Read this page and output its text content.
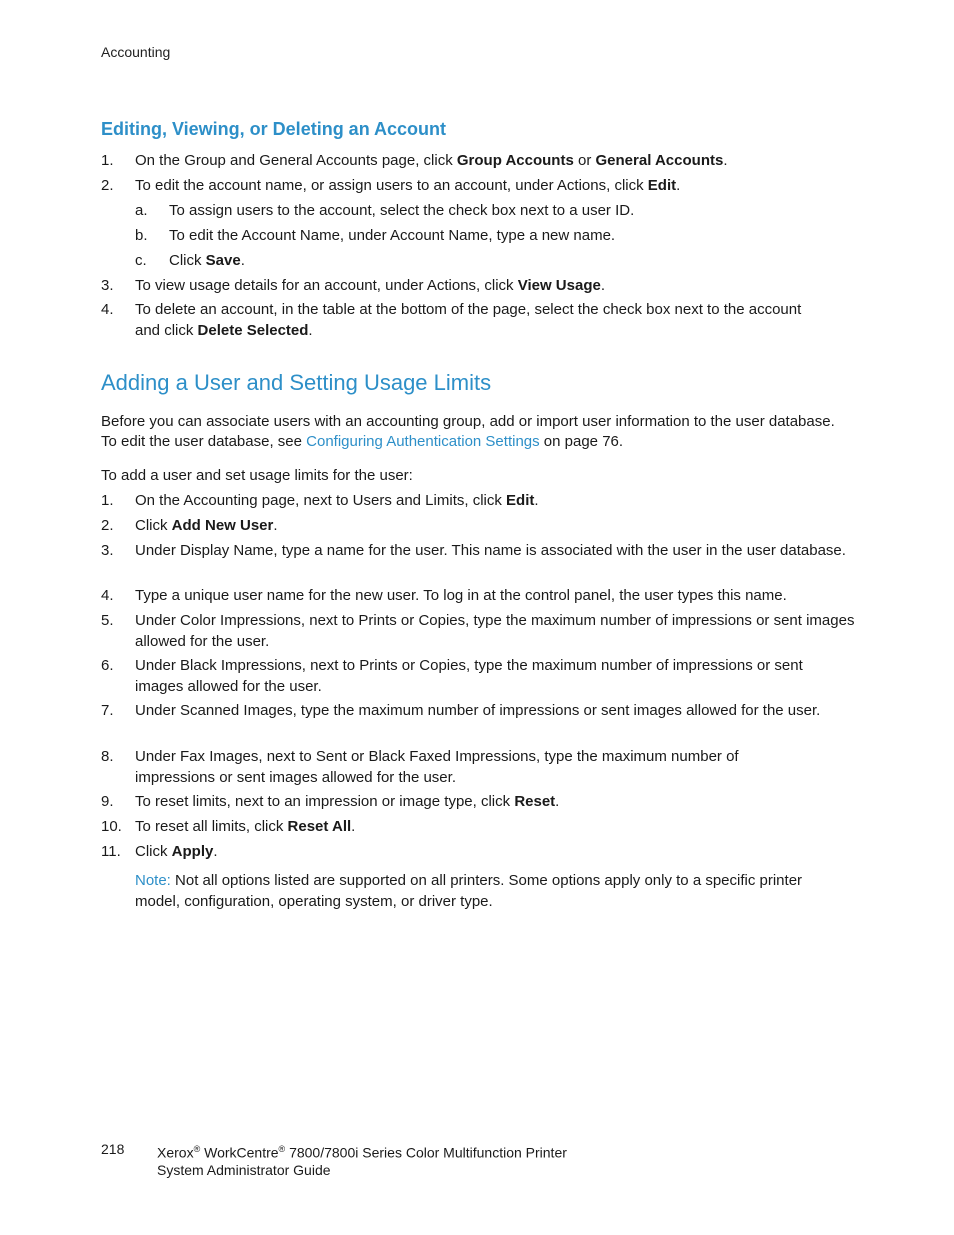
Accounting
Editing, Viewing, or Deleting an Account
1. On the Group and General Accounts page, click Group Accounts or General Accounts.
2. To edit the account name, or assign users to an account, under Actions, click Edit.
a. To assign users to the account, select the check box next to a user ID.
b. To edit the Account Name, under Account Name, type a new name.
c. Click Save.
3. To view usage details for an account, under Actions, click View Usage.
4. To delete an account, in the table at the bottom of the page, select the check box next to the account and click Delete Selected.
Adding a User and Setting Usage Limits
Before you can associate users with an accounting group, add or import user information to the user database. To edit the user database, see Configuring Authentication Settings on page 76.
To add a user and set usage limits for the user:
1. On the Accounting page, next to Users and Limits, click Edit.
2. Click Add New User.
3. Under Display Name, type a name for the user. This name is associated with the user in the user database.
4. Type a unique user name for the new user. To log in at the control panel, the user types this name.
5. Under Color Impressions, next to Prints or Copies, type the maximum number of impressions or sent images allowed for the user.
6. Under Black Impressions, next to Prints or Copies, type the maximum number of impressions or sent images allowed for the user.
7. Under Scanned Images, type the maximum number of impressions or sent images allowed for the user.
8. Under Fax Images, next to Sent or Black Faxed Impressions, type the maximum number of impressions or sent images allowed for the user.
9. To reset limits, next to an impression or image type, click Reset.
10. To reset all limits, click Reset All.
11. Click Apply.
Note: Not all options listed are supported on all printers. Some options apply only to a specific printer model, configuration, operating system, or driver type.
218 Xerox® WorkCentre® 7800/7800i Series Color Multifunction Printer
System Administrator Guide
